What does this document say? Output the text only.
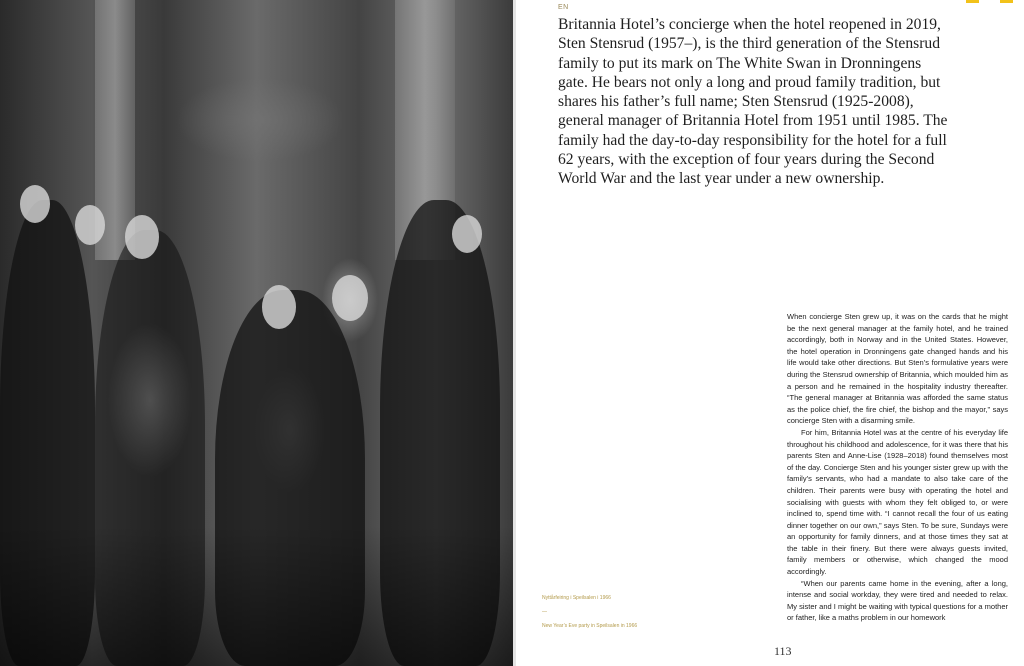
EN

Britannia Hotel’s concierge when the hotel reopened in 2019, Sten Stensrud (1957–), is the third generation of the Stensrud family to put its mark on The White Swan in Dronningens gate. He bears not only a long and proud family tradition, but shares his father’s full name; Sten Stensrud (1925-2008), general manager of Britannia Hotel from 1951 until 1985. The family had the day-to-day responsibility for the hotel for a full 62 years, with the exception of four years during the Second World War and the last year under a new ownership.

When concierge Sten grew up, it was on the cards that he might be the next general manager at the family hotel, and he trained accordingly, both in Norway and in the United States. However, the hotel operation in Dronningens gate changed hands and his life would take other directions. But Sten’s formulative years were during the Stensrud ownership of Britannia, which moulded him as a person and he remained in the hospitality industry thereafter. “The general manager at Britannia was afforded the same status as the police chief, the fire chief, the bishop and the mayor,” says concierge Sten with a disarming smile.

For him, Britannia Hotel was at the centre of his everyday life throughout his childhood and adolescence, for it was there that his parents Sten and Anne-Lise (1928–2018) found themselves most of the day. Concierge Sten and his younger sister grew up with the family’s servants, who had a mandate to also take care of the children. Their parents were busy with operating the hotel and socialising with guests with whom they felt obliged to, or were inclined to, spend time with. “I cannot recall the four of us eating dinner together on our own,” says Sten. To be sure, Sundays were an opportunity for family dinners, and at those times they sat at the table in their finery. But there were always guests invited, family members or otherwise, which changed the mood accordingly.

“When our parents came home in the evening, after a long, intense and social workday, they were tired and needed to relax. My sister and I might be waiting with typical questions for a mother or father, like a maths problem in our homework

Nyttårfeiring i Speilsalen i 1966
—
New Year’s Eve party in Speilsalen in 1966
113
